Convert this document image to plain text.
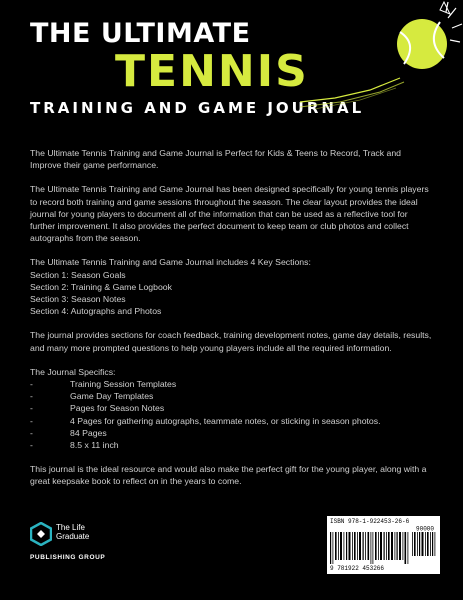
THE ULTIMATE
TENNIS
TRAINING AND GAME JOURNAL

The Ultimate Tennis Training and Game Journal is Perfect for Kids & Teens to Record, Track and Improve their game performance.

The Ultimate Tennis Training and Game Journal has been designed specifically for young tennis players to record both training and game sessions throughout the season. The clear layout provides the ideal journal for young players to document all of the information that can be used as a reflective tool for further improvement. It also provides the perfect document to keep team or club photos and collect autographs from the season.

The Ultimate Tennis Training and Game Journal includes 4 Key Sections:
Section 1: Season Goals
Section 2: Training & Game Logbook
Section 3: Season Notes
Section 4: Autographs and Photos

The journal provides sections for coach feedback, training development notes, game day details, results, and many more prompted questions to help young players include all the required information.

The Journal Specifics:
-	Training Session Templates
-	Game Day Templates
-	Pages for Season Notes
-	4 Pages for gathering autographs, teammate notes, or sticking in season photos.
-	84 Pages
-	8.5 x 11 inch

This journal is the ideal resource and would also make the perfect gift for the young player, along with a great keepsake book to reflect on in the years to come.

The Life
Graduate
PUBLISHING GROUP
ISBN 978-1-922453-26-6
90000
9 781922 453266
